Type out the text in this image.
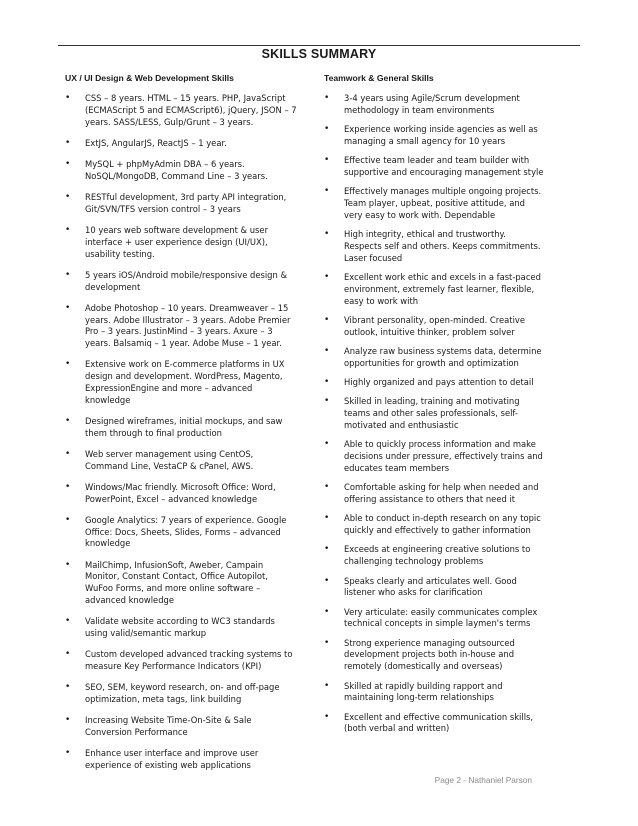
SKILLS SUMMARY
UX / UI Design & Web Development Skills
• CSS – 8 years. HTML – 15 years. PHP, JavaScript (ECMAScript 5 and ECMAScript6), jQuery, JSON – 7 years. SASS/LESS, Gulp/Grunt – 3 years.
• ExtJS, AngularJS, ReactJS – 1 year.
• MySQL + phpMyAdmin DBA – 6 years. NoSQL/MongoDB, Command Line – 3 years.
• RESTful development, 3rd party API integration, Git/SVN/TFS version control – 3 years
• 10 years web software development & user interface + user experience design (UI/UX), usability testing.
• 5 years iOS/Android mobile/responsive design & development
• Adobe Photoshop – 10 years. Dreamweaver – 15 years. Adobe Illustrator – 3 years. Adobe Premier Pro – 3 years. JustinMind – 3 years. Axure – 3 years. Balsamiq – 1 year. Adobe Muse – 1 year.
• Extensive work on E-commerce platforms in UX design and development. WordPress, Magento, ExpressionEngine and more – advanced knowledge
• Designed wireframes, initial mockups, and saw them through to final production
• Web server management using CentOS, Command Line, VestaCP & cPanel, AWS.
• Windows/Mac friendly. Microsoft Office: Word, PowerPoint, Excel – advanced knowledge
• Google Analytics: 7 years of experience. Google Office: Docs, Sheets, Slides, Forms – advanced knowledge
• MailChimp, InfusionSoft, Aweber, Campain Monitor, Constant Contact, Office Autopilot, WuFoo Forms, and more online software – advanced knowledge
• Validate website according to WC3 standards using valid/semantic markup
• Custom developed advanced tracking systems to measure Key Performance Indicators (KPI)
• SEO, SEM, keyword research, on- and off-page optimization, meta tags, link building
• Increasing Website Time-On-Site & Sale Conversion Performance
• Enhance user interface and improve user experience of existing web applications
Teamwork & General Skills
• 3-4 years using Agile/Scrum development methodology in team environments
• Experience working inside agencies as well as managing a small agency for 10 years
• Effective team leader and team builder with supportive and encouraging management style
• Effectively manages multiple ongoing projects. Team player, upbeat, positive attitude, and very easy to work with. Dependable
• High integrity, ethical and trustworthy. Respects self and others. Keeps commitments. Laser focused
• Excellent work ethic and excels in a fast-paced environment, extremely fast learner, flexible, easy to work with
• Vibrant personality, open-minded. Creative outlook, intuitive thinker, problem solver
• Analyze raw business systems data, determine opportunities for growth and optimization
• Highly organized and pays attention to detail
• Skilled in leading, training and motivating teams and other sales professionals, self-motivated and enthusiastic
• Able to quickly process information and make decisions under pressure, effectively trains and educates team members
• Comfortable asking for help when needed and offering assistance to others that need it
• Able to conduct in-depth research on any topic quickly and effectively to gather information
• Exceeds at engineering creative solutions to challenging technology problems
• Speaks clearly and articulates well. Good listener who asks for clarification
• Very articulate: easily communicates complex technical concepts in simple laymen's terms
• Strong experience managing outsourced development projects both in-house and remotely (domestically and overseas)
• Skilled at rapidly building rapport and maintaining long-term relationships
• Excellent and effective communication skills, (both verbal and written)
Page 2 - Nathaniel Parson
